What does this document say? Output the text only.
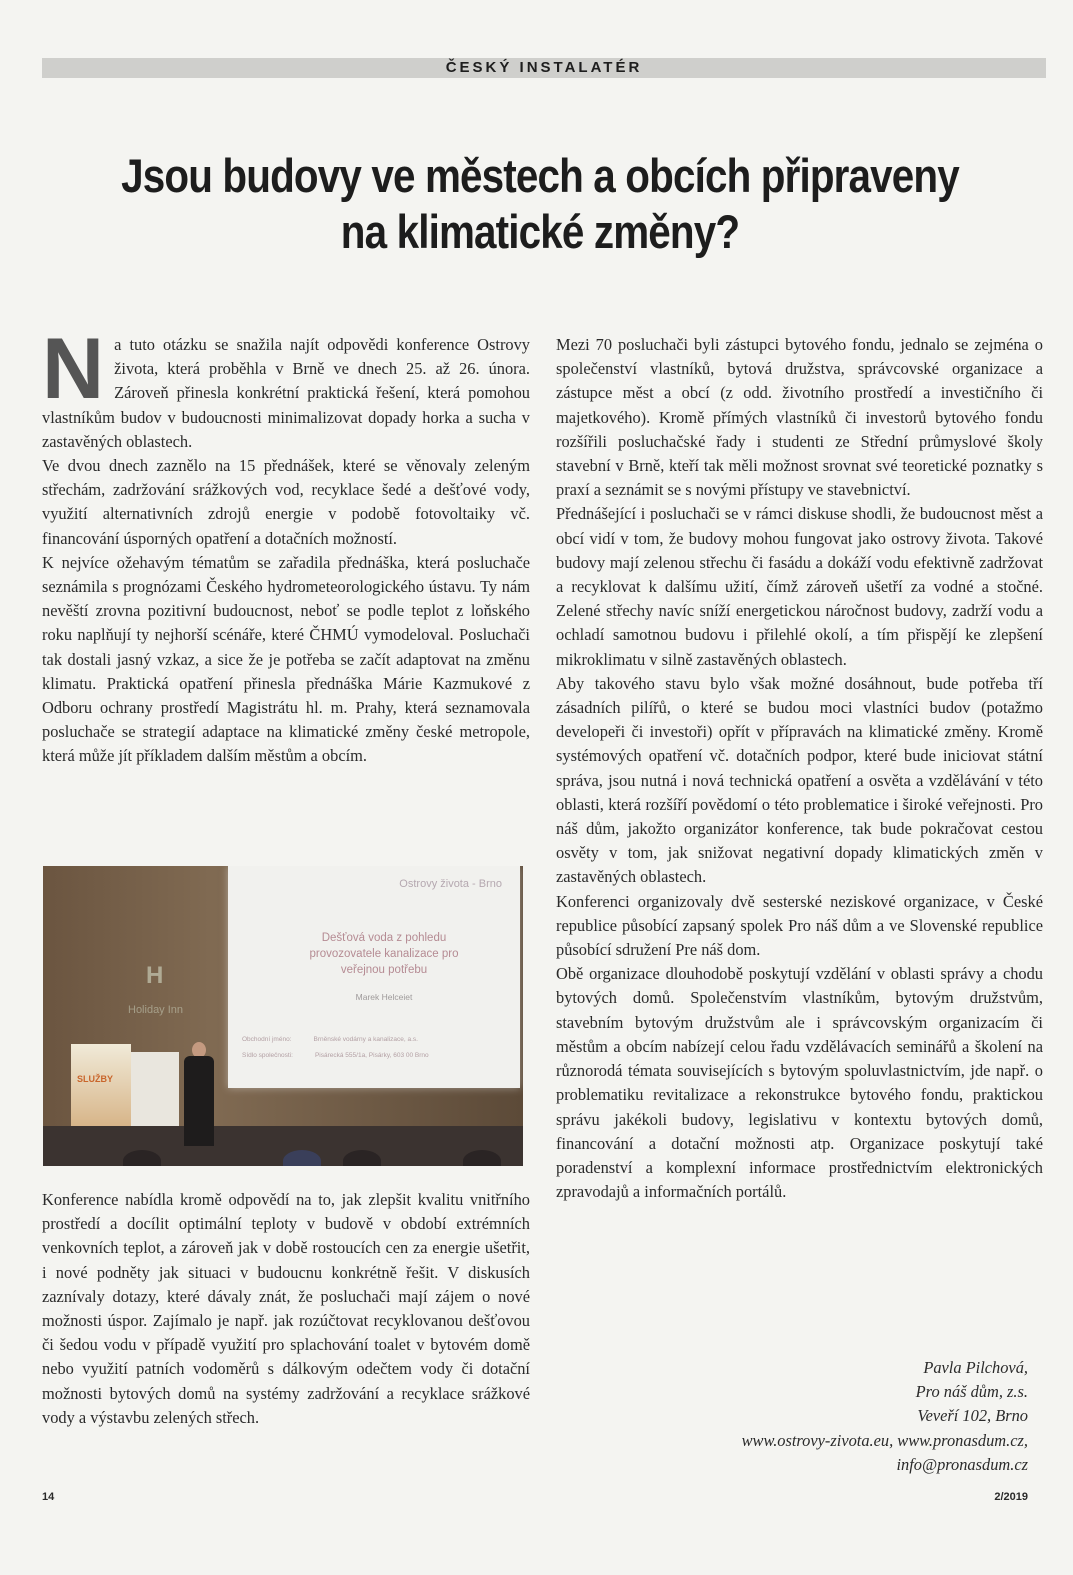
ČESKÝ INSTALATÉR
Jsou budovy ve městech a obcích připraveny
na klimatické změny?

Na tuto otázku se snažila najít odpovědi konference Ostrovy života, která proběhla v Brně ve dnech 25. až 26. února. Zároveň přinesla konkrétní praktická řešení, která pomohou vlastníkům budov v budoucnosti minimalizovat dopady horka a sucha v zastavěných oblastech.

Ve dvou dnech zaznělo na 15 přednášek, které se věnovaly zeleným střechám, zadržování srážkových vod, recyklace šedé a dešťové vody, využití alternativních zdrojů energie v podobě fotovoltaiky vč. financování úsporných opatření a dotačních možností.

K nejvíce ožehavým tématům se zařadila přednáška, která posluchače seznámila s prognózami Českého hydrometeorologického ústavu. Ty nám nevěští zrovna pozitivní budoucnost, neboť se podle teplot z loňského roku naplňují ty nejhorší scénáře, které ČHMÚ vymodeloval. Posluchači tak dostali jasný vzkaz, a sice že je potřeba se začít adaptovat na změnu klimatu. Praktická opatření přinesla přednáška Márie Kazmukové z Odboru ochrany prostředí Magistrátu hl. m. Prahy, která seznamovala posluchače se strategií adaptace na klimatické změny české metropole, která může jít příkladem dalším městům a obcím.

H
Holiday Inn
Ostrovy života - Brno
Dešťová voda z pohledu
provozovatele kanalizace pro
veřejnou potřebu
Marek Helceiet
Obchodní jméno:	Brněnské vodárny a kanalizace, a.s.
Sídlo společnosti:	Pisárecká 555/1a, Pisárky, 603 00 Brno
SLUŽBY

Konference nabídla kromě odpovědí na to, jak zlepšit kvalitu vnitřního prostředí a docílit optimální teploty v budově v období extrémních venkovních teplot, a zároveň jak v době rostoucích cen za energie ušetřit, i nové podněty jak situaci v budoucnu konkrétně řešit. V diskusích zaznívaly dotazy, které dávaly znát, že posluchači mají zájem o nové možnosti úspor. Zajímalo je např. jak rozúčtovat recyklovanou dešťovou či šedou vodu v případě využití pro splachování toalet v bytovém domě nebo využití patních vodoměrů s dálkovým odečtem vody či dotační možnosti bytových domů na systémy zadržování a recyklace srážkové vody a výstavbu zelených střech.

Mezi 70 posluchači byli zástupci bytového fondu, jednalo se zejména o společenství vlastníků, bytová družstva, správcovské organizace a zástupce měst a obcí (z odd. životního prostředí a investičního či majetkového). Kromě přímých vlastníků či investorů bytového fondu rozšířili posluchačské řady i studenti ze Střední průmyslové školy stavební v Brně, kteří tak měli možnost srovnat své teoretické poznatky s praxí a seznámit se s novými přístupy ve stavebnictví.

Přednášející i posluchači se v rámci diskuse shodli, že budoucnost měst a obcí vidí v tom, že budovy mohou fungovat jako ostrovy života. Takové budovy mají zelenou střechu či fasádu a dokáží vodu efektivně zadržovat a recyklovat k dalšímu užití, čímž zároveň ušetří za vodné a stočné. Zelené střechy navíc sníží energetickou náročnost budovy, zadrží vodu a ochladí samotnou budovu i přilehlé okolí, a tím přispějí ke zlepšení mikroklimatu v silně zastavěných oblastech.

Aby takového stavu bylo však možné dosáhnout, bude potřeba tří zásadních pilířů, o které se budou moci vlastníci budov (potažmo developeři či investoři) opřít v přípravách na klimatické změny. Kromě systémových opatření vč. dotačních podpor, které bude iniciovat státní správa, jsou nutná i nová technická opatření a osvěta a vzdělávání v této oblasti, která rozšíří povědomí o této problematice i široké veřejnosti. Pro náš dům, jakožto organizátor konference, tak bude pokračovat cestou osvěty v tom, jak snižovat negativní dopady klimatických změn v zastavěných oblastech.

Konferenci organizovaly dvě sesterské neziskové organizace, v České republice působící zapsaný spolek Pro náš dům a ve Slovenské republice působící sdružení Pre náš dom.

Obě organizace dlouhodobě poskytují vzdělání v oblasti správy a chodu bytových domů. Společenstvím vlastníkům, bytovým družstvům, stavebním bytovým družstvům ale i správcovským organizacím či městům a obcím nabízejí celou řadu vzdělávacích seminářů a školení na různorodá témata souvisejících s bytovým spoluvlastnictvím, jde např. o problematiku revitalizace a rekonstrukce bytového fondu, praktickou správu jakékoli budovy, legislativu v kontextu bytových domů, financování a dotační možnosti atp. Organizace poskytují také poradenství a komplexní informace prostřednictvím elektronických zpravodajů a informačních portálů.

Pavla Pilchová,
Pro náš dům, z.s.
Veveří 102, Brno
www.ostrovy-zivota.eu, www.pronasdum.cz,
info@pronasdum.cz
14	2/2019
